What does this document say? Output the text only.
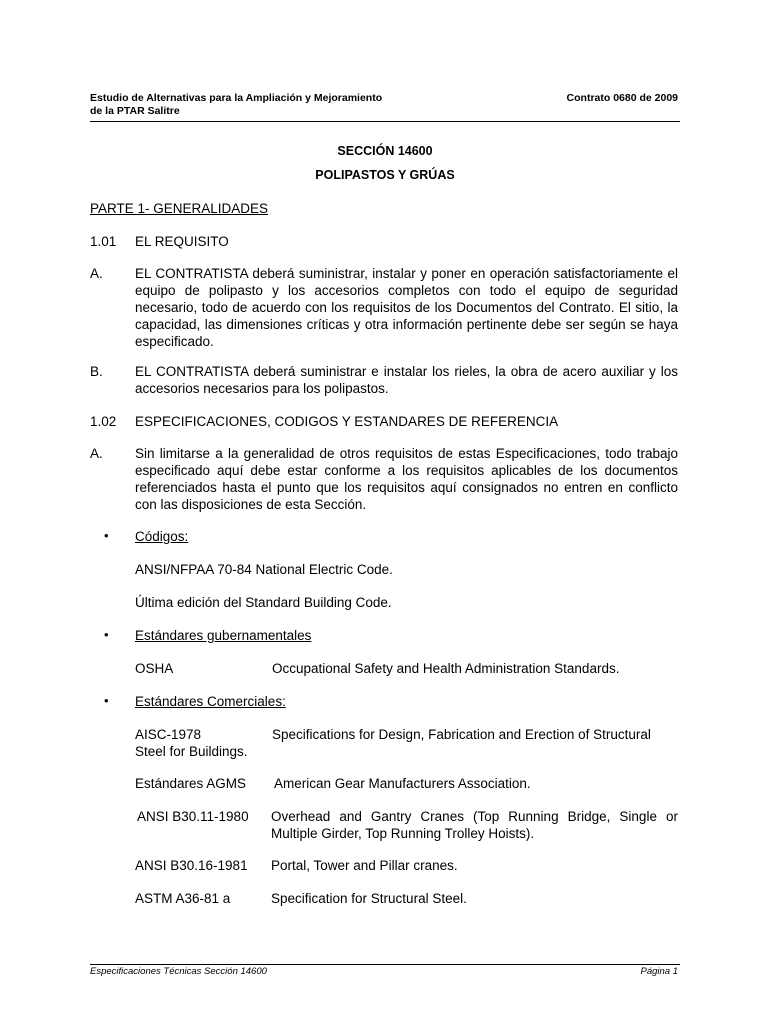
Estudio de Alternativas para la Ampliación y Mejoramiento
de la PTAR Salitre
Contrato 0680 de 2009
SECCIÓN 14600
POLIPASTOS Y GRÚAS
PARTE 1- GENERALIDADES
1.01 EL REQUISITO
A. EL CONTRATISTA deberá suministrar, instalar y poner en operación satisfactoriamente el equipo de polipasto y los accesorios completos con todo el equipo de seguridad necesario, todo de acuerdo con los requisitos de los Documentos del Contrato. El sitio, la capacidad, las dimensiones críticas y otra información pertinente debe ser según se haya especificado.
B. EL CONTRATISTA deberá suministrar e instalar los rieles, la obra de acero auxiliar y los accesorios necesarios para los polipastos.
1.02 ESPECIFICACIONES, CODIGOS Y ESTANDARES DE REFERENCIA
A. Sin limitarse a la generalidad de otros requisitos de estas Especificaciones, todo trabajo especificado aquí debe estar conforme a los requisitos aplicables de los documentos referenciados hasta el punto que los requisitos aquí consignados no entren en conflicto con las disposiciones de esta Sección.
• Códigos:
ANSI/NFPAA 70-84 National Electric Code.
Última edición del Standard Building Code.
• Estándares gubernamentales
OSHA	Occupational Safety and Health Administration Standards.
• Estándares Comerciales:
AISC-1978	Specifications for Design, Fabrication and Erection of Structural
Steel for Buildings.
Estándares AGMS American Gear Manufacturers Association.
ANSI B30.11-1980 Overhead and Gantry Cranes (Top Running Bridge, Single or Multiple Girder, Top Running Trolley Hoists).
ANSI B30.16-1981 Portal, Tower and Pillar cranes.
ASTM A36-81 a	Specification for Structural Steel.
Especificaciones Técnicas Sección 14600	Página 1
